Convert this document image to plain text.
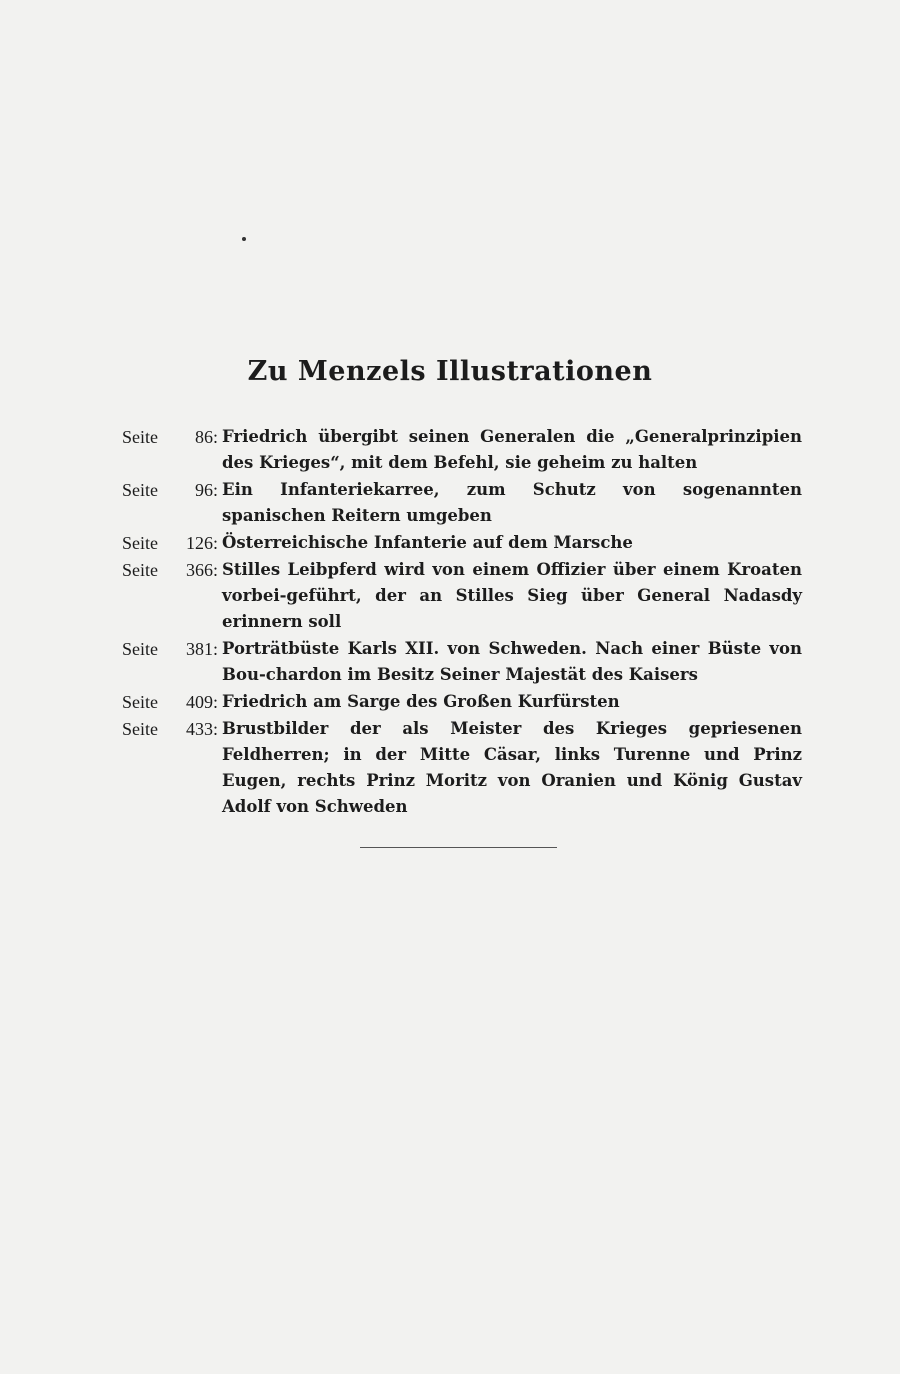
Zu Menzels Illustrationen
Seite 86: Friedrich übergibt seinen Generalen die „Generalprinzipien des Krieges“, mit dem Befehl, sie geheim zu halten
Seite 96: Ein Infanteriekarree, zum Schutz von sogenannten spanischen Reitern umgeben
Seite 126: Österreichische Infanterie auf dem Marsche
Seite 366: Stilles Leibpferd wird von einem Offizier über einem Kroaten vorbei-geführt, der an Stilles Sieg über General Nadasdy erinnern soll
Seite 381: Porträtbüste Karls XII. von Schweden. Nach einer Büste von Bou-chardon im Besitz Seiner Majestät des Kaisers
Seite 409: Friedrich am Sarge des Großen Kurfürsten
Seite 433: Brustbilder der als Meister des Krieges gepriesenen Feldherren; in der Mitte Cäsar, links Turenne und Prinz Eugen, rechts Prinz Moritz von Oranien und König Gustav Adolf von Schweden
